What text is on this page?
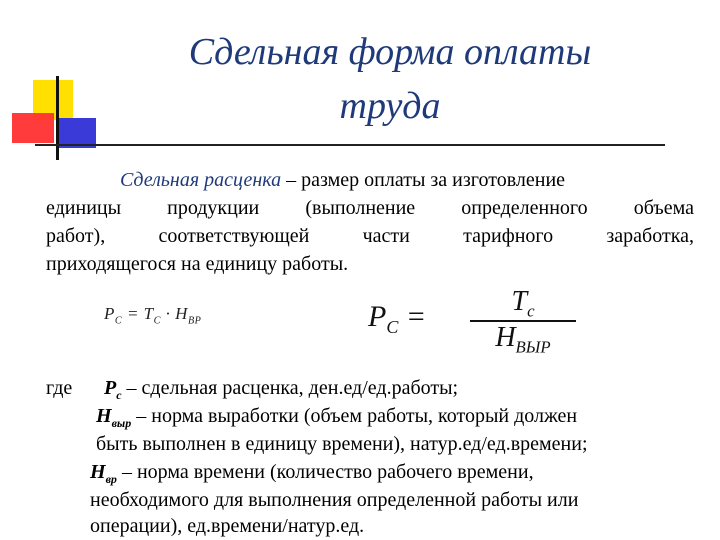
Сдельная форма оплаты
труда
Сдельная расценка – размер оплаты за изготовление
единицы продукции (выполнение определенного объема
работ), соответствующей части тарифного заработка,
приходящегося на единицу работы.
$P_C = T_C \cdot H_{BP}$	$P_C$ =	$T_c$
$H_{ВЫР}$
где $Р_с$ – сдельная расценка, ден.ед/ед.работы;
$Н_{выр}$ – норма выработки (объем работы, который должен
быть выполнен в единицу времени), натур.ед/ед.времени;
$Н_{вр}$ – норма времени (количество рабочего времени,
необходимого для выполнения определенной работы или
операции), ед.времени/натур.ед.
